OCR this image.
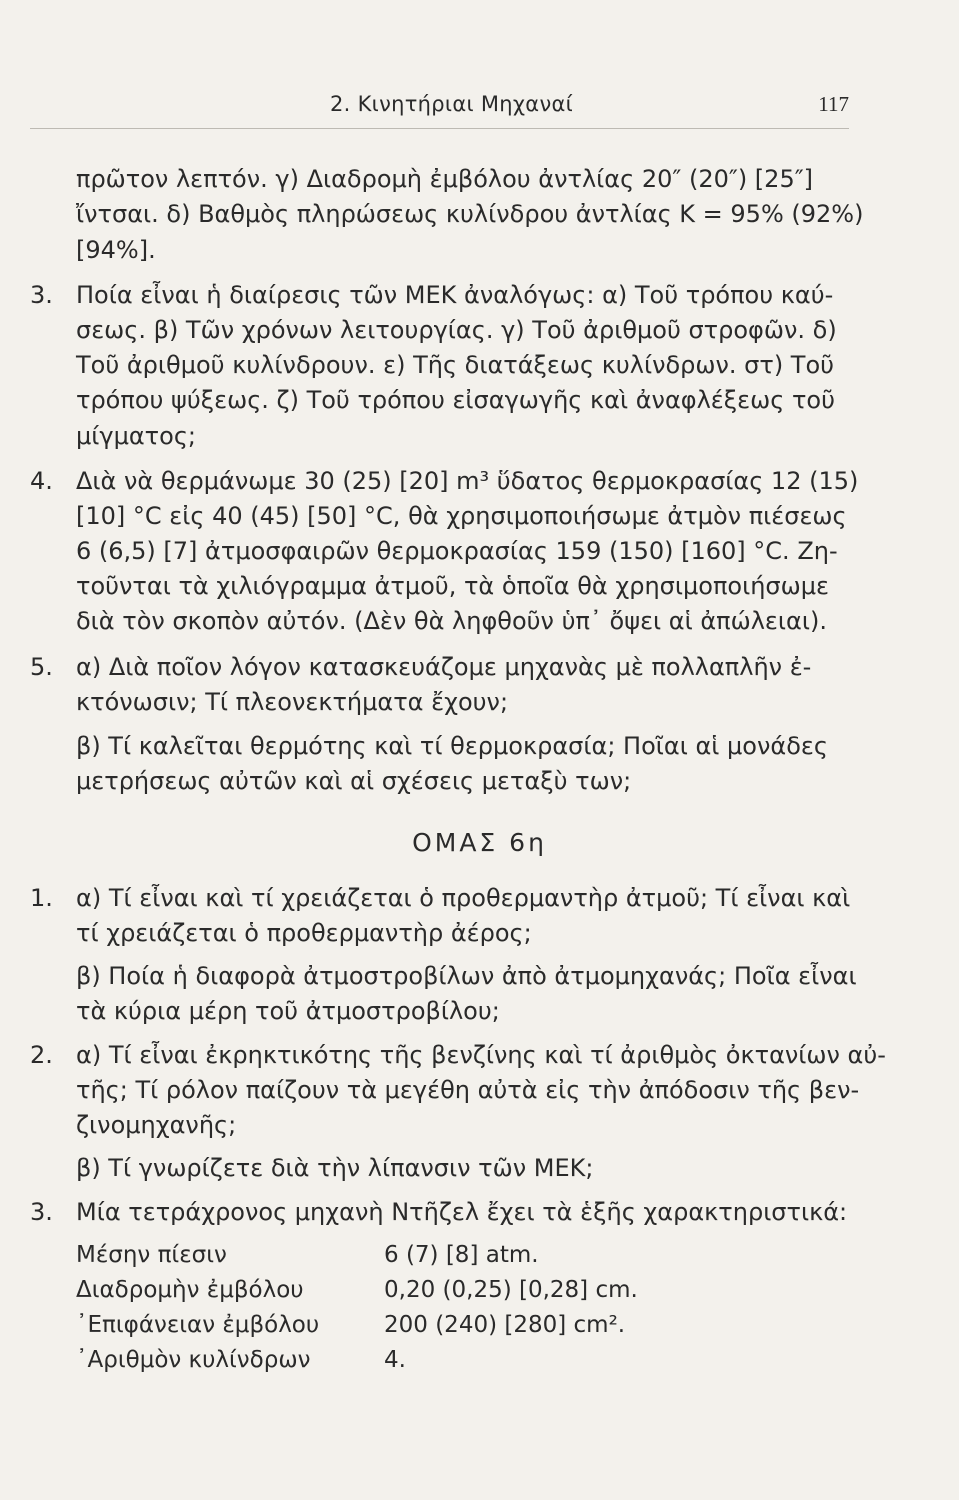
2. Κινητήριαι Μηχαναί	117
πρῶτον λεπτόν. γ) Διαδρομὴ ἐμβόλου ἀντλίας 20″ (20″) [25″]
ἴντσαι. δ) Βαθμὸς πληρώσεως κυλίνδρου ἀντλίας Κ = 95% (92%)
[94%].
3. Ποία εἶναι ἡ διαίρεσις τῶν ΜΕΚ ἀναλόγως: α) Τοῦ τρόπου καύ-
σεως. β) Τῶν χρόνων λειτουργίας. γ) Τοῦ ἀριθμοῦ στροφῶν. δ)
Τοῦ ἀριθμοῦ κυλίνδρουν. ε) Τῆς διατάξεως κυλίνδρων. στ) Τοῦ
τρόπου ψύξεως. ζ) Τοῦ τρόπου εἰσαγωγῆς καὶ ἀναφλέξεως τοῦ
μίγματος;
4. Διὰ νὰ θερμάνωμε 30 (25) [20] m³ ὕδατος θερμοκρασίας 12 (15)
[10] °C εἰς 40 (45) [50] °C, θὰ χρησιμοποιήσωμε ἀτμὸν πιέσεως
6 (6,5) [7] ἀτμοσφαιρῶν θερμοκρασίας 159 (150) [160] °C. Ζη-
τοῦνται τὰ χιλιόγραμμα ἀτμοῦ, τὰ ὁποῖα θὰ χρησιμοποιήσωμε
διὰ τὸν σκοπὸν αὐτόν. (Δὲν θὰ ληφθοῦν ὑπ᾽ ὄψει αἱ ἀπώλειαι).
5. α) Διὰ ποῖον λόγον κατασκευάζομε μηχανὰς μὲ πολλαπλῆν ἐ-
κτόνωσιν; Τί πλεονεκτήματα ἔχουν;
β) Τί καλεῖται θερμότης καὶ τί θερμοκρασία; Ποῖαι αἱ μονάδες
μετρήσεως αὐτῶν καὶ αἱ σχέσεις μεταξὺ των;
ΟΜΑΣ 6η
1. α) Τί εἶναι καὶ τί χρειάζεται ὁ προθερμαντὴρ ἀτμοῦ; Τί εἶναι καὶ
τί χρειάζεται ὁ προθερμαντὴρ ἀέρος;
β) Ποία ἡ διαφορὰ ἀτμοστροβίλων ἀπὸ ἀτμομηχανάς; Ποῖα εἶναι
τὰ κύρια μέρη τοῦ ἀτμοστροβίλου;
2. α) Τί εἶναι ἐκρηκτικότης τῆς βενζίνης καὶ τί ἀριθμὸς ὀκτανίων αὐ-
τῆς; Τί ρόλον παίζουν τὰ μεγέθη αὐτὰ εἰς τὴν ἀπόδοσιν τῆς βεν-
ζινομηχανῆς;
β) Τί γνωρίζετε διὰ τὴν λίπανσιν τῶν ΜΕΚ;
3. Μία τετράχρονος μηχανὴ Ντῆζελ ἔχει τὰ ἑξῆς χαρακτηριστικά:
Μέσην πίεσιν	6 (7) [8] atm.
Διαδρομὴν ἐμβόλου	0,20 (0,25) [0,28] cm.
᾿Επιφάνειαν ἐμβόλου	200 (240) [280] cm².
᾿Αριθμὸν κυλίνδρων	4.
